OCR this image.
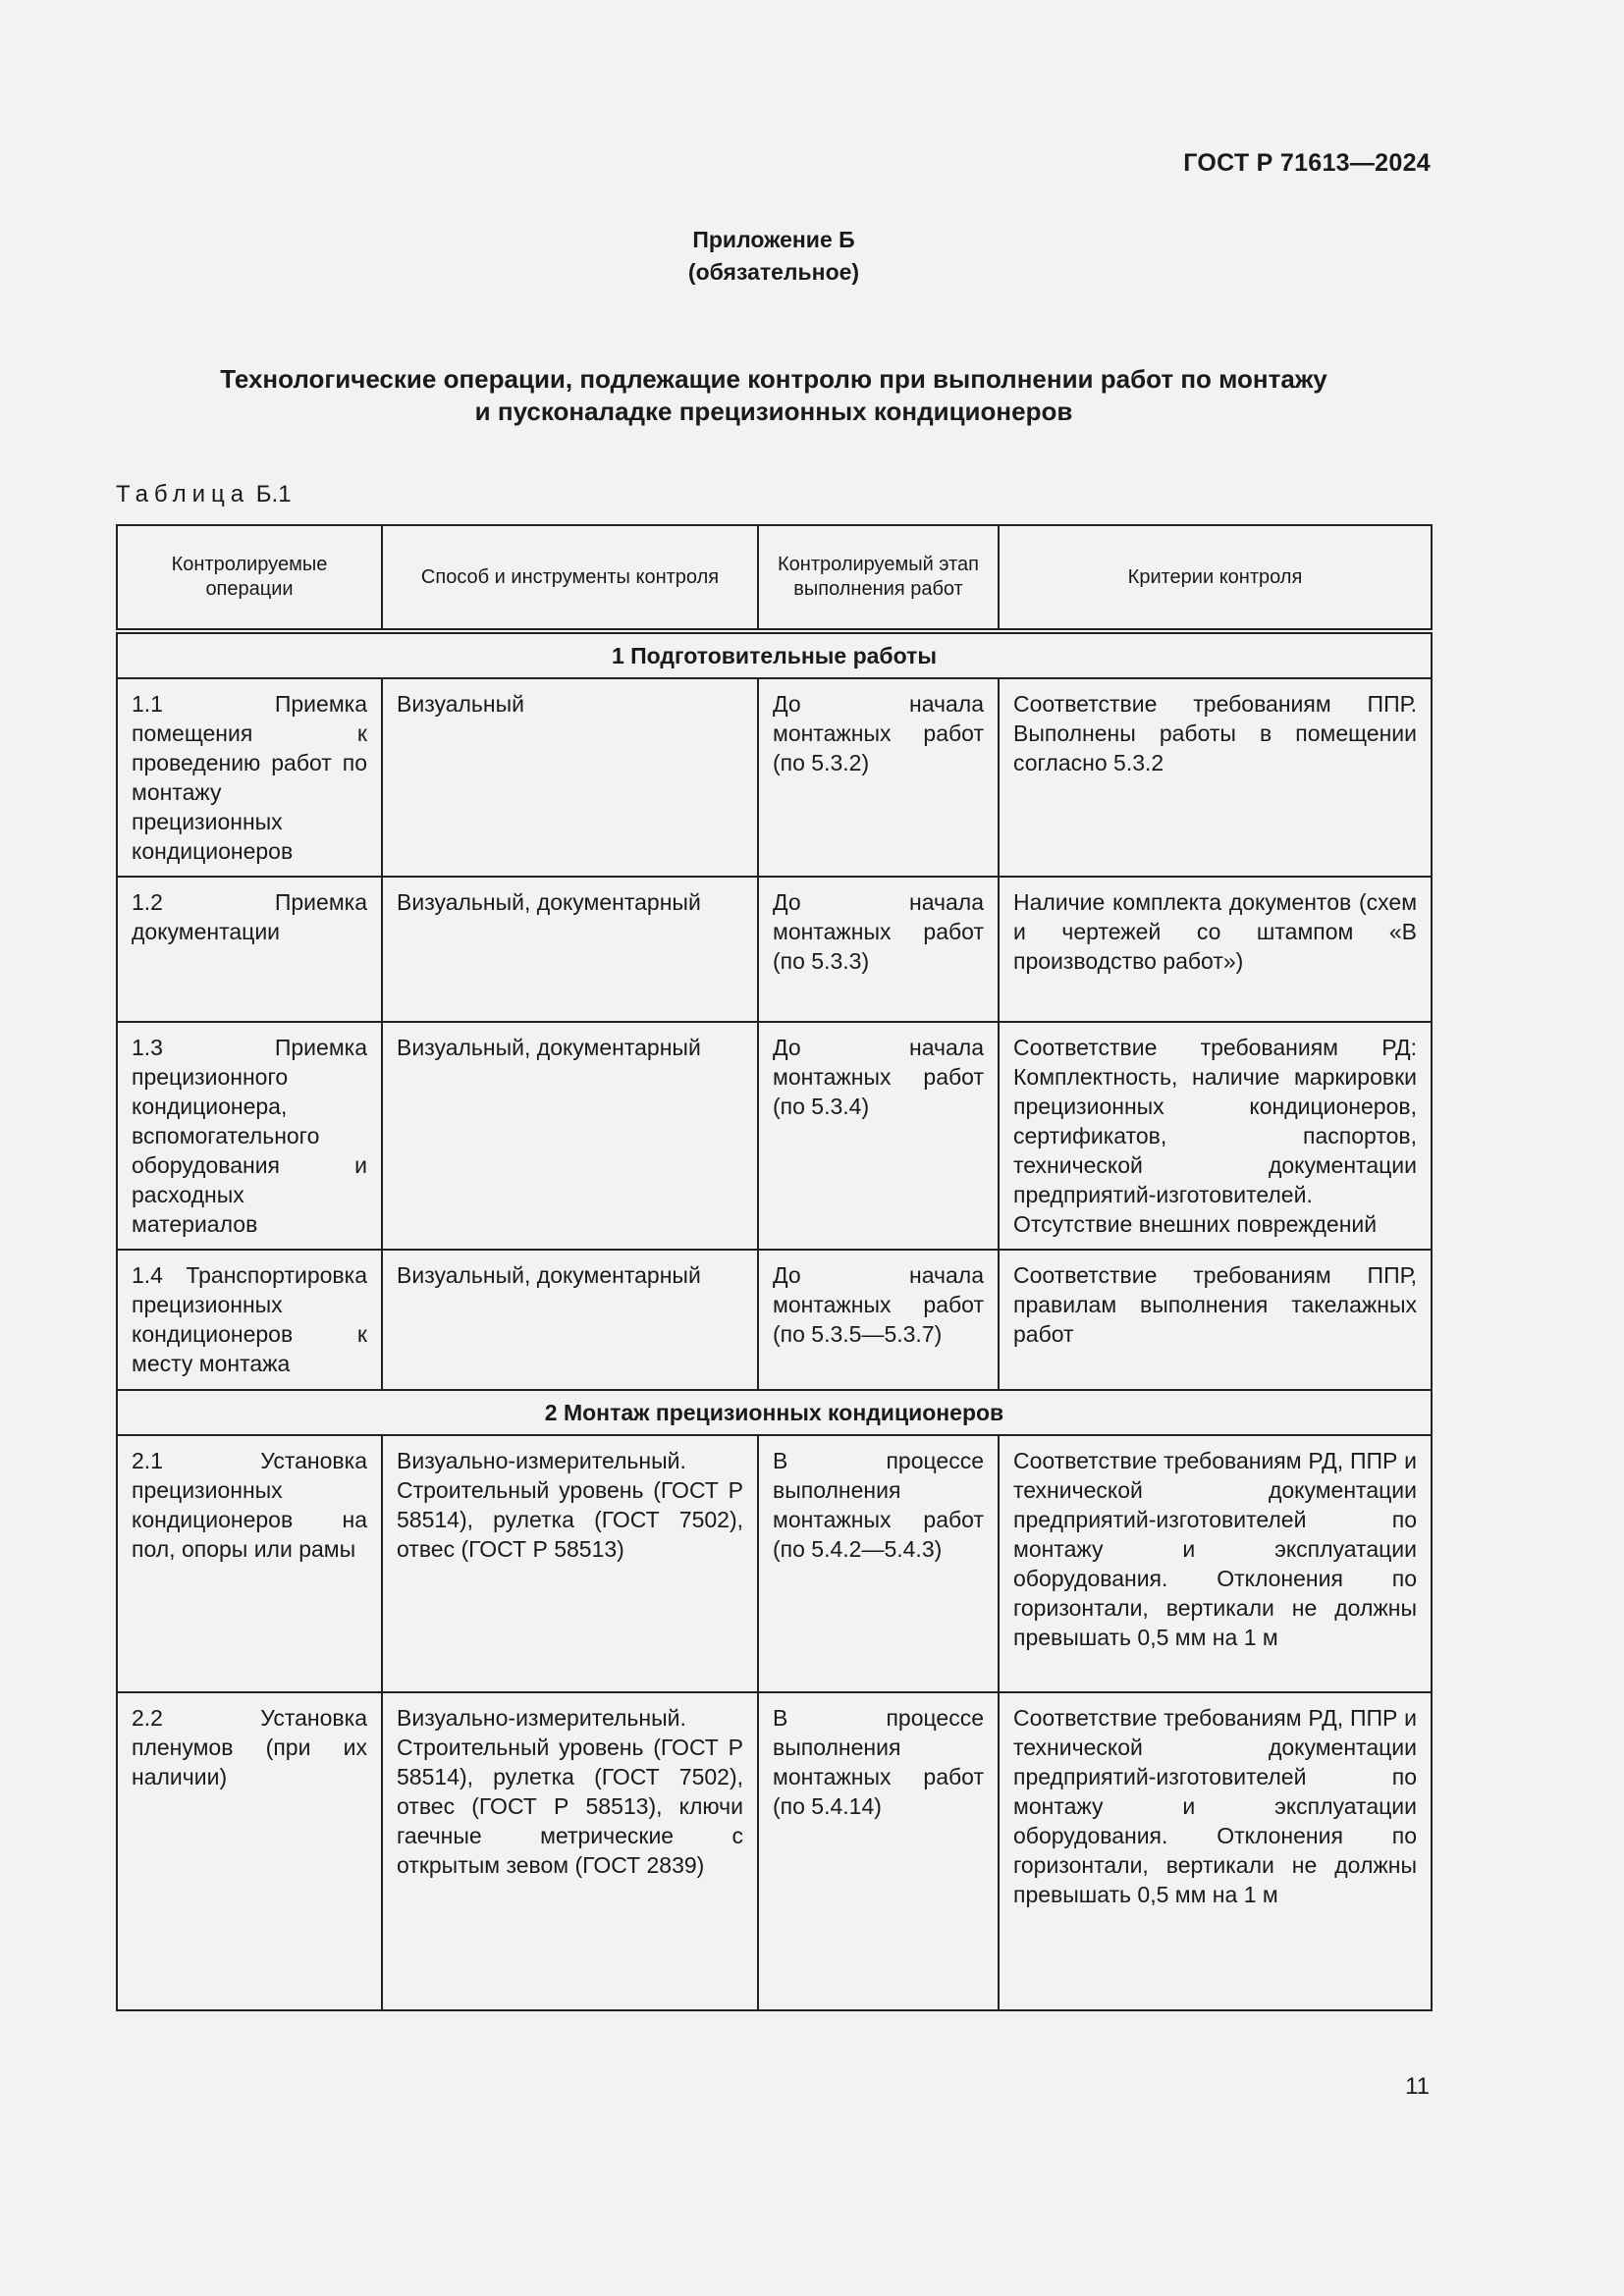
ГОСТ Р 71613—2024
Приложение Б
(обязательное)
Технологические операции, подлежащие контролю при выполнении работ по монтажу
и пусконаладке прецизионных кондиционеров
Таблица Б.1
Контролируемые операции	Способ и инструменты контроля	Контролируемый этап выполнения работ	Критерии контроля
1 Подготовительные работы			
1.1 Приемка помещения к проведению работ по монтажу прецизионных кондиционеров	Визуальный	До начала монтажных работ (по 5.3.2)	Соответствие требованиям ППР. Выполнены работы в помещении согласно 5.3.2
1.2 Приемка документации	Визуальный, документарный	До начала монтажных работ (по 5.3.3)	Наличие комплекта документов (схем и чертежей со штампом «В производство работ»)
1.3 Приемка прецизионного кондиционера, вспомогательного оборудования и расходных материалов	Визуальный, документарный	До начала монтажных работ (по 5.3.4)	Соответствие требованиям РД: Комплектность, наличие маркировки прецизионных кондиционеров, сертификатов, паспортов, технической документации предприятий-изготовителей. Отсутствие внешних повреждений
1.4 Транспортировка прецизионных кондиционеров к месту монтажа	Визуальный, документарный	До начала монтажных работ (по 5.3.5—5.3.7)	Соответствие требованиям ППР, правилам выполнения такелажных работ
2 Монтаж прецизионных кондиционеров			
2.1 Установка прецизионных кондиционеров на пол, опоры или рамы	Визуально-измерительный. Строительный уровень (ГОСТ Р 58514), рулетка (ГОСТ 7502), отвес (ГОСТ Р 58513)	В процессе выполнения монтажных работ (по 5.4.2—5.4.3)	Соответствие требованиям РД, ППР и технической документации предприятий-изготовителей по монтажу и эксплуатации оборудования. Отклонения по горизонтали, вертикали не должны превышать 0,5 мм на 1 м
2.2 Установка пленумов (при их наличии)	Визуально-измерительный. Строительный уровень (ГОСТ Р 58514), рулетка (ГОСТ 7502), отвес (ГОСТ Р 58513), ключи гаечные метрические с открытым зевом (ГОСТ 2839)	В процессе выполнения монтажных работ (по 5.4.14)	Соответствие требованиям РД, ППР и технической документации предприятий-изготовителей по монтажу и эксплуатации оборудования. Отклонения по горизонтали, вертикали не должны превышать 0,5 мм на 1 м
11
